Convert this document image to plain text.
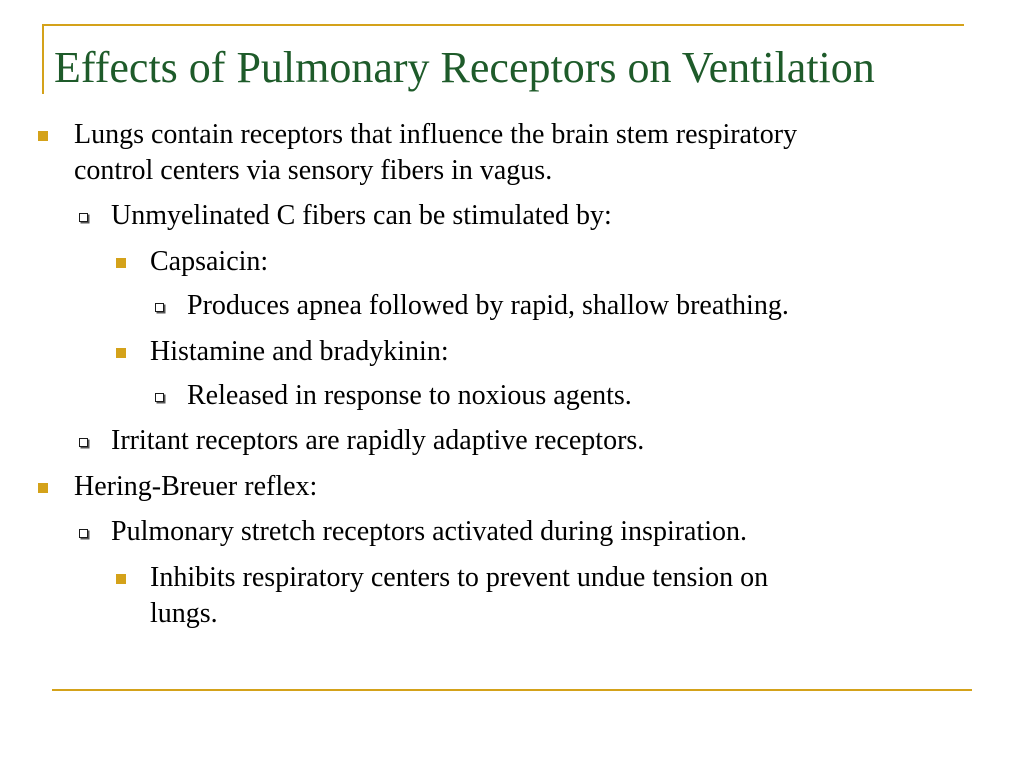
Effects of Pulmonary Receptors on Ventilation
Lungs contain receptors that influence the brain stem respiratory
control centers via sensory fibers in vagus.
Unmyelinated C fibers can be stimulated by:
Capsaicin:
Produces apnea followed by rapid, shallow breathing.
Histamine and bradykinin:
Released in response to noxious agents.
Irritant receptors are rapidly adaptive receptors.
Hering-Breuer reflex:
Pulmonary stretch receptors activated during inspiration.
Inhibits respiratory centers to prevent undue tension on
lungs.
